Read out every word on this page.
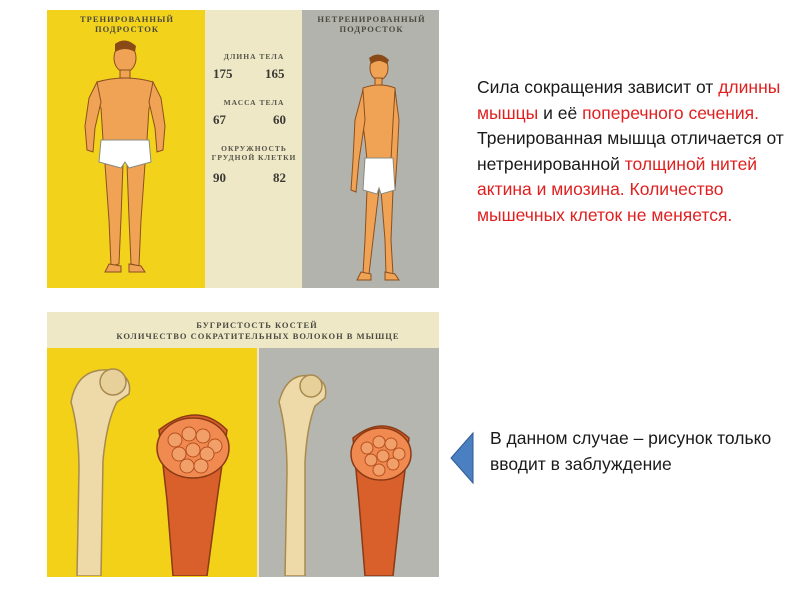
ТРЕНИРОВАННЫЙ
ПОДРОСТОК
НЕТРЕНИРОВАННЫЙ
ПОДРОСТОК
ДЛИНА ТЕЛА
175	165
МАССА ТЕЛА
67	60
ОКРУЖНОСТЬ
ГРУДНОЙ КЛЕТКИ
90	82
БУГРИСТОСТЬ КОСТЕЙ
КОЛИЧЕСТВО СОКРАТИТЕЛЬНЫХ ВОЛОКОН В МЫШЦЕ
Сила сокращения зависит от длинны мышцы и её поперечного сечения. Тренированная мышца отличается от нетренированной толщиной нитей актина и миозина. Количество мышечных клеток не меняется.
В данном случае – рисунок только вводит в заблуждение
